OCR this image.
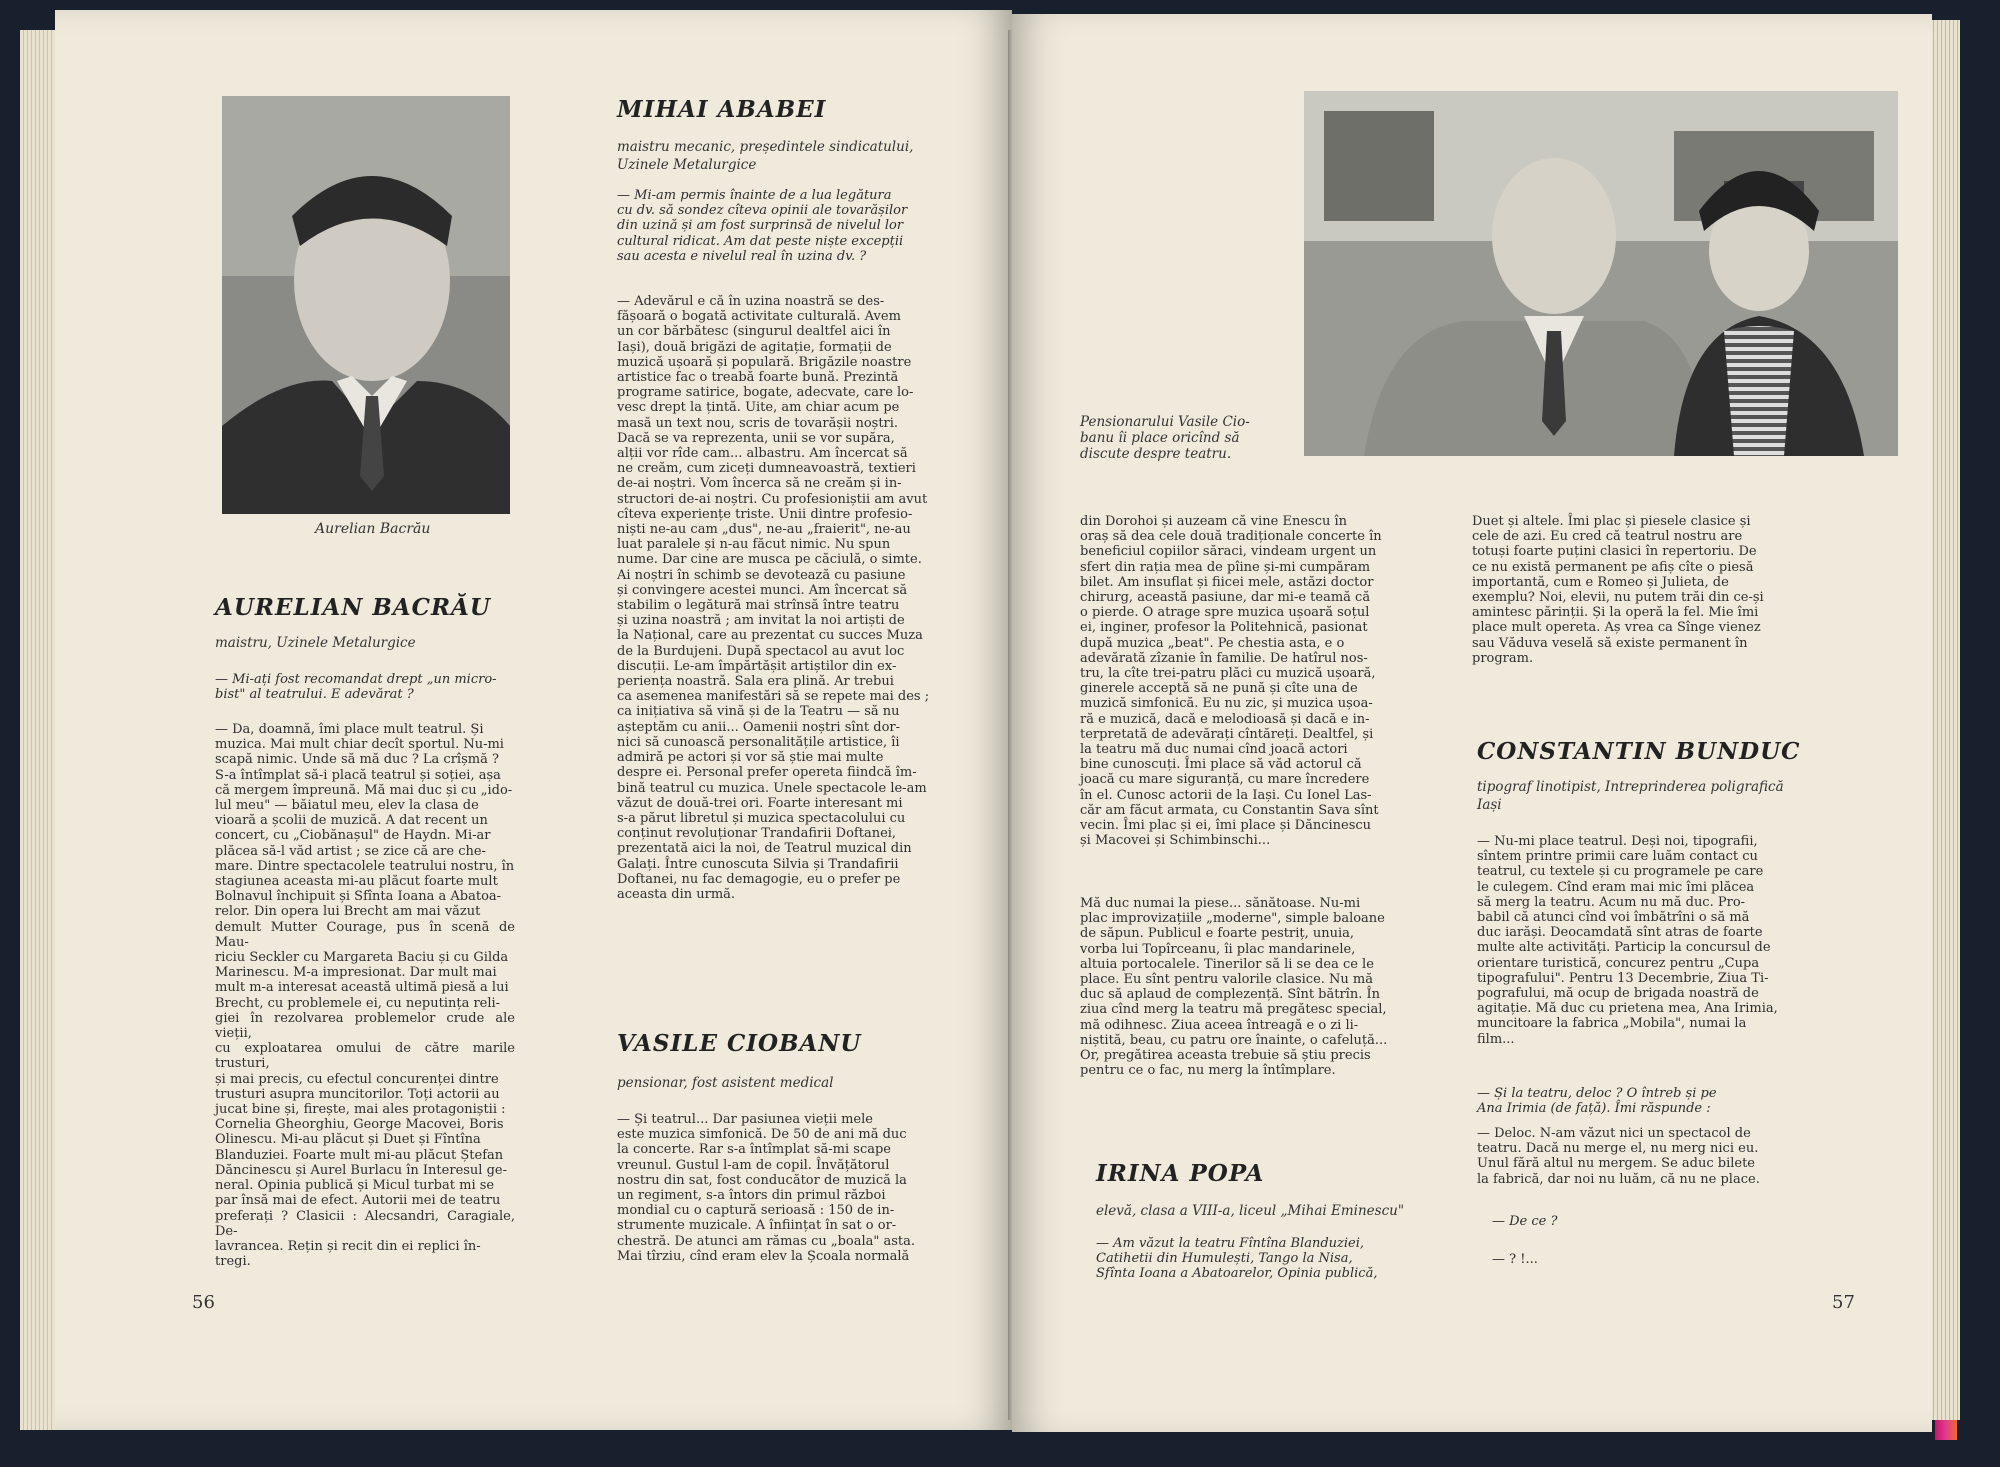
Aurelian Bacrău
AURELIAN BACRĂU
maistru, Uzinele Metalurgice
— Mi-ați fost recomandat drept „un micro-
bist" al teatrului. E adevărat ?
— Da, doamnă, îmi place mult teatrul. Și
muzica. Mai mult chiar decît sportul. Nu-mi
scapă nimic. Unde să mă duc ? La crîșmă ?
S-a întîmplat să-i placă teatrul și soției, așa
că mergem împreună. Mă mai duc și cu „ido-
lul meu" — băiatul meu, elev la clasa de
vioară a școlii de muzică. A dat recent un
concert, cu „Ciobănașul" de Haydn. Mi-ar
plăcea să-l văd artist ; se zice că are che-
mare. Dintre spectacolele teatrului nostru, în
stagiunea aceasta mi-au plăcut foarte mult
Bolnavul închipuit și Sfînta Ioana a Abatoa-
relor. Din opera lui Brecht am mai văzut
demult Mutter Courage, pus în scenă de Mau-
riciu Seckler cu Margareta Baciu și cu Gilda
Marinescu. M-a impresionat. Dar mult mai
mult m-a interesat această ultimă piesă a lui
Brecht, cu problemele ei, cu neputința reli-
giei în rezolvarea problemelor crude ale vieții,
cu exploatarea omului de către marile trusturi,
și mai precis, cu efectul concurenței dintre
trusturi asupra muncitorilor. Toți actorii au
jucat bine și, firește, mai ales protagoniștii :
Cornelia Gheorghiu, George Macovei, Boris
Olinescu. Mi-au plăcut și Duet și Fîntîna
Blanduziei. Foarte mult mi-au plăcut Ștefan
Dăncinescu și Aurel Burlacu în Interesul ge-
neral. Opinia publică și Micul turbat mi se
par însă mai de efect. Autorii mei de teatru
preferați ? Clasicii : Alecsandri, Caragiale, De-
lavrancea. Rețin și recit din ei replici în-
tregi.
MIHAI ABABEI
maistru mecanic, președintele sindicatului, Uzinele Metalurgice
— Mi-am permis înainte de a lua legătura
cu dv. să sondez cîteva opinii ale tovarășilor
din uzină și am fost surprinsă de nivelul lor
cultural ridicat. Am dat peste niște excepții
sau acesta e nivelul real în uzina dv. ?
— Adevărul e că în uzina noastră se des-
fășoară o bogată activitate culturală. Avem
un cor bărbătesc (singurul dealtfel aici în
Iași), două brigăzi de agitație, formații de
muzică ușoară și populară. Brigăzile noastre
artistice fac o treabă foarte bună. Prezintă
programe satirice, bogate, adecvate, care lo-
vesc drept la țintă. Uite, am chiar acum pe
masă un text nou, scris de tovarășii noștri.
Dacă se va reprezenta, unii se vor supăra,
alții vor rîde cam... albastru. Am încercat să
ne creăm, cum ziceți dumneavoastră, textieri
de-ai noștri. Vom încerca să ne creăm și in-
structori de-ai noștri. Cu profesioniștii am avut
cîteva experiențe triste. Unii dintre profesio-
niști ne-au cam „dus", ne-au „fraierit", ne-au
luat paralele și n-au făcut nimic. Nu spun
nume. Dar cine are musca pe căciulă, o simte.
Ai noștri în schimb se devotează cu pasiune
și convingere acestei munci. Am încercat să
stabilim o legătură mai strînsă între teatru
și uzina noastră ; am invitat la noi artiști de
la Național, care au prezentat cu succes Muza
de la Burdujeni. După spectacol au avut loc
discuții. Le-am împărtășit artiștilor din ex-
periența noastră. Sala era plină. Ar trebui
ca asemenea manifestări să se repete mai des ;
ca inițiativa să vină și de la Teatru — să nu
așteptăm cu anii... Oamenii noștri sînt dor-
nici să cunoască personalitățile artistice, îi
admiră pe actori și vor să știe mai multe
despre ei. Personal prefer opereta fiindcă îm-
bină teatrul cu muzica. Unele spectacole le-am
văzut de două-trei ori. Foarte interesant mi
s-a părut libretul și muzica spectacolului cu
conținut revoluționar Trandafirii Doftanei,
prezentată aici la noi, de Teatrul muzical din
Galați. Între cunoscuta Silvia și Trandafirii
Doftanei, nu fac demagogie, eu o prefer pe
aceasta din urmă.
VASILE CIOBANU
pensionar, fost asistent medical
— Și teatrul... Dar pasiunea vieții mele
este muzica simfonică. De 50 de ani mă duc
la concerte. Rar s-a întîmplat să-mi scape
vreunul. Gustul l-am de copil. Învățătorul
nostru din sat, fost conducător de muzică la
un regiment, s-a întors din primul război
mondial cu o captură serioasă : 150 de in-
strumente muzicale. A înființat în sat o or-
chestră. De atunci am rămas cu „boala" asta.
Mai tîrziu, cînd eram elev la Școala normală
56
Pensionarului Vasile Cio-
banu îi place oricînd să
discute despre teatru.
din Dorohoi și auzeam că vine Enescu în
oraș să dea cele două tradiționale concerte în
beneficiul copiilor săraci, vindeam urgent un
sfert din rația mea de pîine și-mi cumpăram
bilet. Am insuflat și fiicei mele, astăzi doctor
chirurg, această pasiune, dar mi-e teamă că
o pierde. O atrage spre muzica ușoară soțul
ei, inginer, profesor la Politehnică, pasionat
după muzica „beat". Pe chestia asta, e o
adevărată zîzanie în familie. De hatîrul nos-
tru, la cîte trei-patru plăci cu muzică ușoară,
ginerele acceptă să ne pună și cîte una de
muzică simfonică. Eu nu zic, și muzica ușoa-
ră e muzică, dacă e melodioasă și dacă e in-
terpretată de adevărați cîntăreți. Dealtfel, și
la teatru mă duc numai cînd joacă actori
bine cunoscuți. Îmi place să văd actorul că
joacă cu mare siguranță, cu mare încredere
în el. Cunosc actorii de la Iași. Cu Ionel Las-
căr am făcut armata, cu Constantin Sava sînt
vecin. Îmi plac și ei, îmi place și Dăncinescu
și Macovei și Schimbinschi...
Mă duc numai la piese... sănătoase. Nu-mi
plac improvizațiile „moderne", simple baloane
de săpun. Publicul e foarte pestriț, unuia,
vorba lui Topîrceanu, îi plac mandarinele,
altuia portocalele. Tinerilor să li se dea ce le
place. Eu sînt pentru valorile clasice. Nu mă
duc să aplaud de complezență. Sînt bătrîn. În
ziua cînd merg la teatru mă pregătesc special,
mă odihnesc. Ziua aceea întreagă e o zi li-
niștită, beau, cu patru ore înainte, o cafeluță...
Or, pregătirea aceasta trebuie să știu precis
pentru ce o fac, nu merg la întîmplare.
IRINA POPA
elevă, clasa a VIII-a, liceul „Mihai Eminescu"
— Am văzut la teatru Fîntîna Blanduziei,
Catihetii din Humulești, Tango la Nisa,
Sfînta Ioana a Abatoarelor, Opinia publică,
Duet și altele. Îmi plac și piesele clasice și
cele de azi. Eu cred că teatrul nostru are
totuși foarte puțini clasici în repertoriu. De
ce nu există permanent pe afiș cîte o piesă
importantă, cum e Romeo și Julieta, de
exemplu? Noi, elevii, nu putem trăi din ce-și
amintesc părinții. Și la operă la fel. Mie îmi
place mult opereta. Aș vrea ca Sînge vienez
sau Văduva veselă să existe permanent în
program.
CONSTANTIN BUNDUC
tipograf linotipist, Intreprinderea poligrafică
Iași
— Nu-mi place teatrul. Deși noi, tipografii,
sîntem printre primii care luăm contact cu
teatrul, cu textele și cu programele pe care
le culegem. Cînd eram mai mic îmi plăcea
să merg la teatru. Acum nu mă duc. Pro-
babil că atunci cînd voi îmbătrîni o să mă
duc iarăși. Deocamdată sînt atras de foarte
multe alte activități. Particip la concursul de
orientare turistică, concurez pentru „Cupa
tipografului". Pentru 13 Decembrie, Ziua Ti-
pografului, mă ocup de brigada noastră de
agitație. Mă duc cu prietena mea, Ana Irimia,
muncitoare la fabrica „Mobila", numai la
film...
— Și la teatru, deloc ? O întreb și pe
Ana Irimia (de față). Îmi răspunde :
— Deloc. N-am văzut nici un spectacol de
teatru. Dacă nu merge el, nu merg nici eu.
Unul fără altul nu mergem. Se aduc bilete
la fabrică, dar noi nu luăm, că nu ne place.
— De ce ?
— ? !...
57
